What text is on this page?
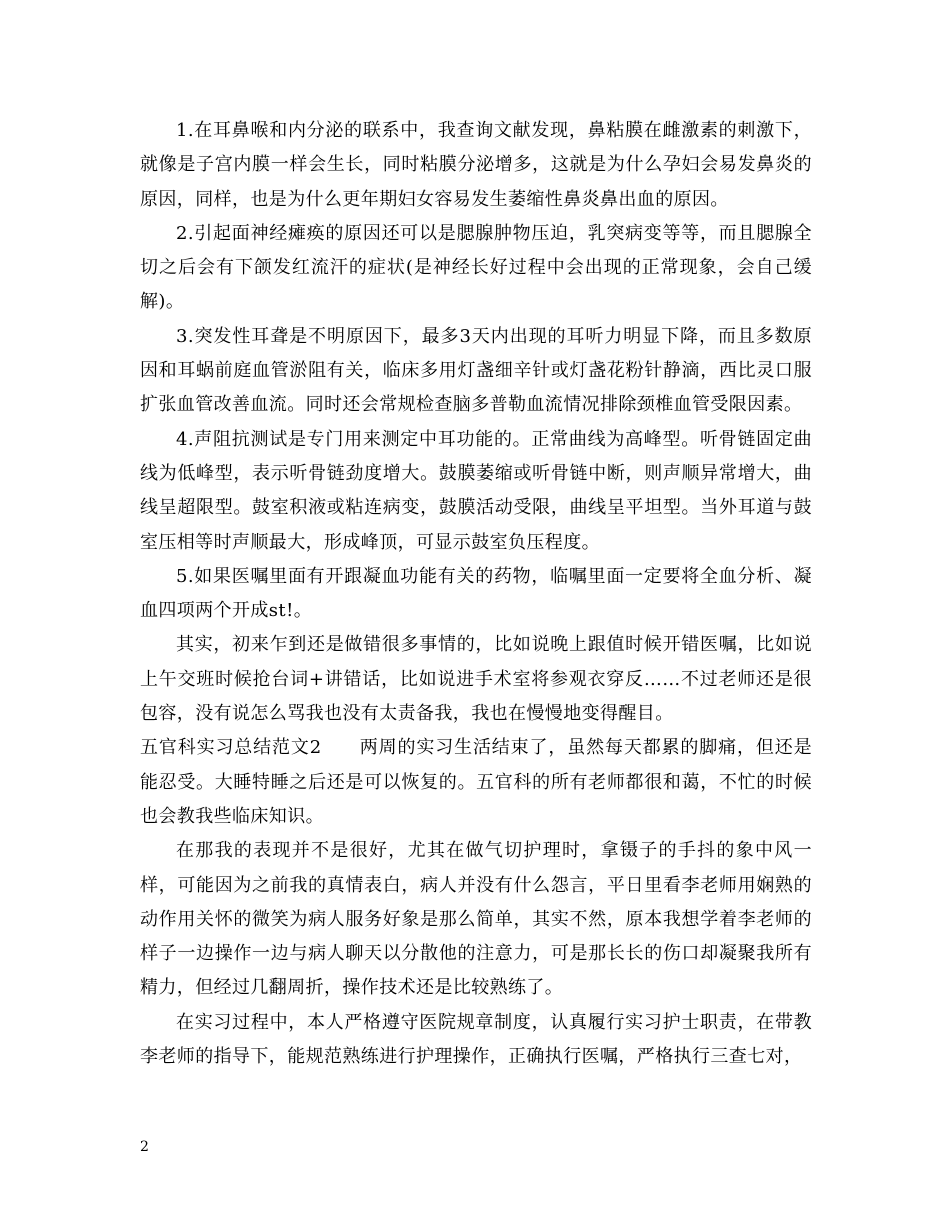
1.在耳鼻喉和内分泌的联系中，我查询文献发现，鼻粘膜在雌激素的刺激下，就像是子宫内膜一样会生长，同时粘膜分泌增多，这就是为什么孕妇会易发鼻炎的原因，同样，也是为什么更年期妇女容易发生萎缩性鼻炎鼻出血的原因。

2.引起面神经瘫痪的原因还可以是腮腺肿物压迫，乳突病变等等，而且腮腺全切之后会有下颌发红流汗的症状(是神经长好过程中会出现的正常现象，会自己缓解)。

3.突发性耳聋是不明原因下，最多3天内出现的耳听力明显下降，而且多数原因和耳蜗前庭血管淤阻有关，临床多用灯盏细辛针或灯盏花粉针静滴，西比灵口服扩张血管改善血流。同时还会常规检查脑多普勒血流情况排除颈椎血管受限因素。

4.声阻抗测试是专门用来测定中耳功能的。正常曲线为高峰型。听骨链固定曲线为低峰型，表示听骨链劲度增大。鼓膜萎缩或听骨链中断，则声顺异常增大，曲线呈超限型。鼓室积液或粘连病变，鼓膜活动受限，曲线呈平坦型。当外耳道与鼓室压相等时声顺最大，形成峰顶，可显示鼓室负压程度。

5.如果医嘱里面有开跟凝血功能有关的药物，临嘱里面一定要将全血分析、凝血四项两个开成st!。

其实，初来乍到还是做错很多事情的，比如说晚上跟值时候开错医嘱，比如说上午交班时候抢台词+讲错话，比如说进手术室将参观衣穿反……不过老师还是很包容，没有说怎么骂我也没有太责备我，我也在慢慢地变得醒目。

五官科实习总结范文2　　两周的实习生活结束了，虽然每天都累的脚痛，但还是能忍受。大睡特睡之后还是可以恢复的。五官科的所有老师都很和蔼，不忙的时候也会教我些临床知识。

在那我的表现并不是很好，尤其在做气切护理时，拿镊子的手抖的象中风一样，可能因为之前我的真情表白，病人并没有什么怨言，平日里看李老师用娴熟的动作用关怀的微笑为病人服务好象是那么简单，其实不然，原本我想学着李老师的样子一边操作一边与病人聊天以分散他的注意力，可是那长长的伤口却凝聚我所有精力，但经过几翻周折，操作技术还是比较熟练了。

在实习过程中，本人严格遵守医院规章制度，认真履行实习护士职责，在带教李老师的指导下，能规范熟练进行护理操作，正确执行医嘱，严格执行三查七对，

2
